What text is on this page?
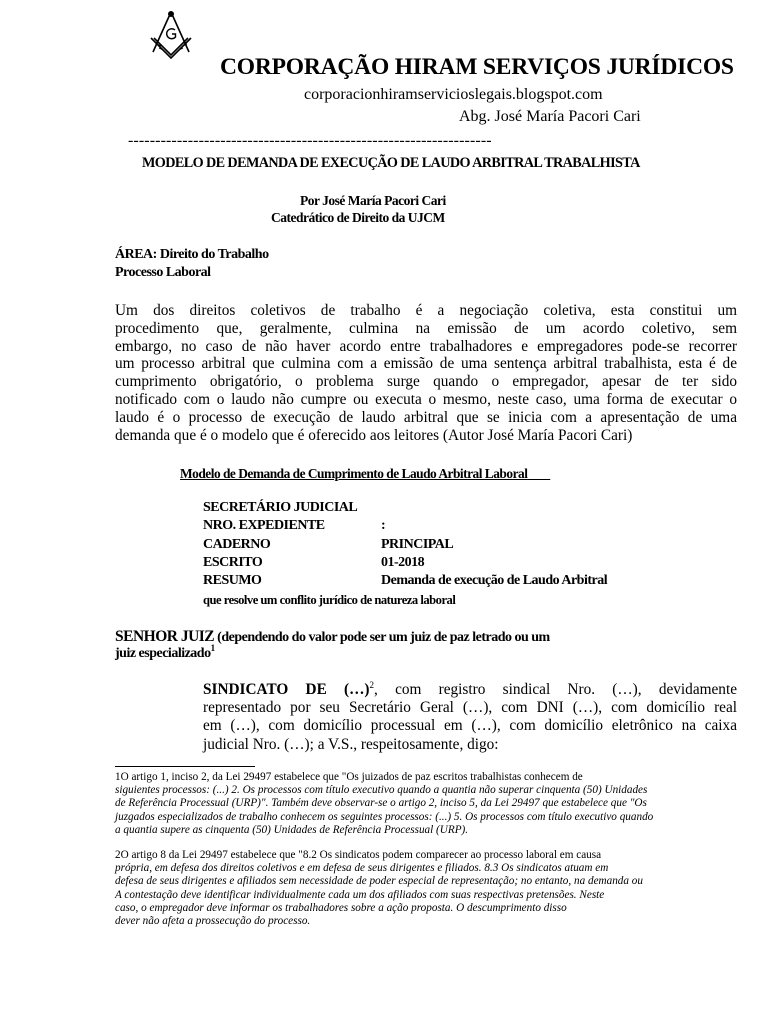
CORPORAÇÃO HIRAM SERVIÇOS JURÍDICOS
corporacionhiramservicioslegais.blogspot.com
Abg. José María Pacori Cari
-------------------------------------------------------------------
MODELO DE DEMANDA DE EXECUÇÃO DE LAUDO ARBITRAL TRABALHISTA
Por José María Pacori Cari
Catedrático de Direito da UJCM
ÁREA: Direito do Trabalho
Processo Laboral
Um dos direitos coletivos de trabalho é a negociação coletiva, esta constitui um
procedimento que, geralmente, culmina na emissão de um acordo coletivo, sem
embargo, no caso de não haver acordo entre trabalhadores e empregadores pode-se recorrer
um processo arbitral que culmina com a emissão de uma sentença arbitral trabalhista, esta é de
cumprimento obrigatório, o problema surge quando o empregador, apesar de ter sido
notificado com o laudo não cumpre ou executa o mesmo, neste caso, uma forma de executar o
laudo é o processo de execução de laudo arbitral que se inicia com a apresentação de uma
demanda que é o modelo que é oferecido aos leitores (Autor José María Pacori Cari)
Modelo de Demanda de Cumprimento de Laudo Arbitral Laboral
SECRETÁRIO JUDICIAL
NRO. EXPEDIENTE	:
CADERNO	PRINCIPAL
ESCRITO	01-2018
RESUMO	Demanda de execução de Laudo Arbitral
que resolve um conflito jurídico de natureza laboral
SENHOR JUIZ (dependendo do valor pode ser um juiz de paz letrado ou um
juiz especializado$^1$
SINDICATO DE (…)$^2$, com registro sindical Nro. (…), devidamente
representado por seu Secretário Geral (…), com DNI (…), com domicílio real
em (…), com domicílio processual em (…), com domicílio eletrônico na caixa
judicial Nro. (…); a V.S., respeitosamente, digo:
1O artigo 1, inciso 2, da Lei 29497 estabelece que "Os juizados de paz escritos trabalhistas conhecem de
siguientes processos: (...) 2. Os processos com título executivo quando a quantia não superar cinquenta (50) Unidades
de Referência Processual (URP)". Também deve observar-se o artigo 2, inciso 5, da Lei 29497 que estabelece que "Os
juzgados especializados de trabalho conhecem os seguintes processos: (...) 5. Os processos com título executivo quando
a quantia supere as cinquenta (50) Unidades de Referência Processual (URP).
2O artigo 8 da Lei 29497 estabelece que "8.2 Os sindicatos podem comparecer ao processo laboral em causa
própria, em defesa dos direitos coletivos e em defesa de seus dirigentes e filiados. 8.3 Os sindicatos atuam em
defesa de seus dirigentes e afiliados sem necessidade de poder especial de representação; no entanto, na demanda ou
A contestação deve identificar individualmente cada um dos afiliados com suas respectivas pretensões. Neste
caso, o empregador deve informar os trabalhadores sobre a ação proposta. O descumprimento disso
dever não afeta a prossecução do processo.
